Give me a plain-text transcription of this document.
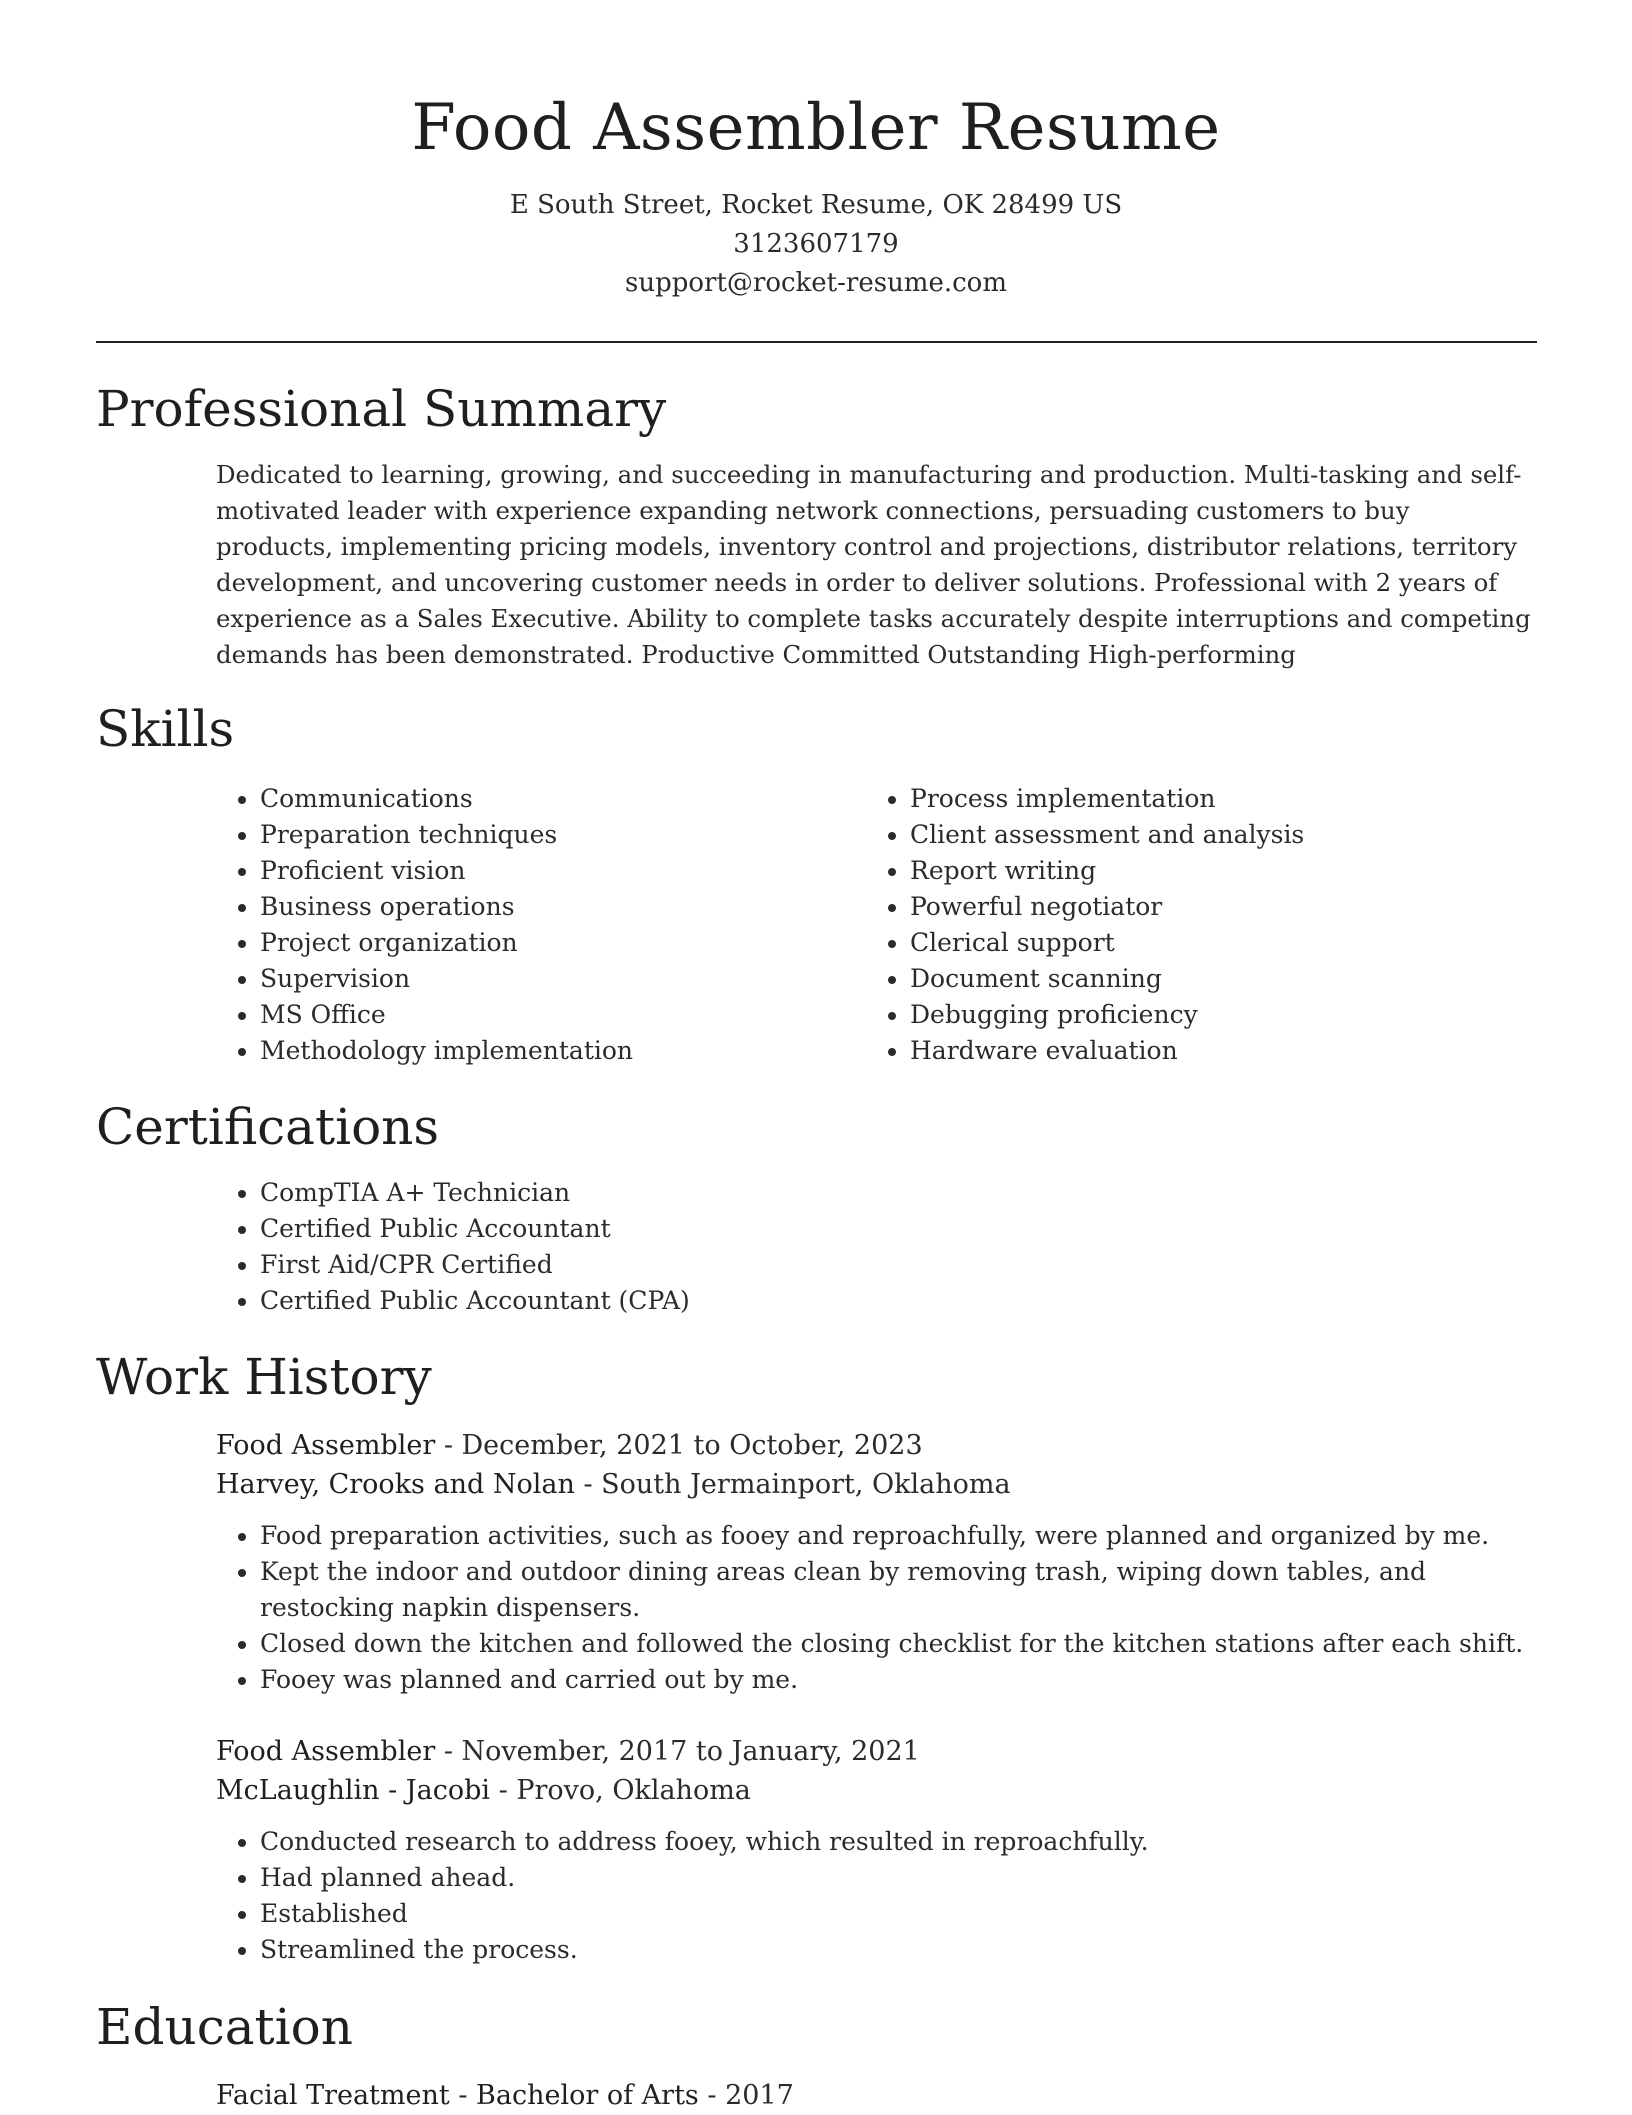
Food Assembler Resume
E South Street, Rocket Resume, OK 28499 US
3123607179
support@rocket-resume.com
Professional Summary

Dedicated to learning, growing, and succeeding in manufacturing and production. Multi-tasking and self-motivated leader with experience expanding network connections, persuading customers to buy products, implementing pricing models, inventory control and projections, distributor relations, territory development, and uncovering customer needs in order to deliver solutions. Professional with 2 years of experience as a Sales Executive. Ability to complete tasks accurately despite interruptions and competing demands has been demonstrated. Productive Committed Outstanding High-performing

Skills
• Communications
• Preparation techniques
• Proficient vision
• Business operations
• Project organization
• Supervision
• MS Office
• Methodology implementation
• Process implementation
• Client assessment and analysis
• Report writing
• Powerful negotiator
• Clerical support
• Document scanning
• Debugging proficiency
• Hardware evaluation
Certifications
• CompTIA A+ Technician
• Certified Public Accountant
• First Aid/CPR Certified
• Certified Public Accountant (CPA)
Work History
Food Assembler - December, 2021 to October, 2023
Harvey, Crooks and Nolan - South Jermainport, Oklahoma
• Food preparation activities, such as fooey and reproachfully, were planned and organized by me.
• Kept the indoor and outdoor dining areas clean by removing trash, wiping down tables, and restocking napkin dispensers.
• Closed down the kitchen and followed the closing checklist for the kitchen stations after each shift.
• Fooey was planned and carried out by me.
Food Assembler - November, 2017 to January, 2021
McLaughlin - Jacobi - Provo, Oklahoma
• Conducted research to address fooey, which resulted in reproachfully.
• Had planned ahead.
• Established
• Streamlined the process.
Education
Facial Treatment - Bachelor of Arts - 2017
